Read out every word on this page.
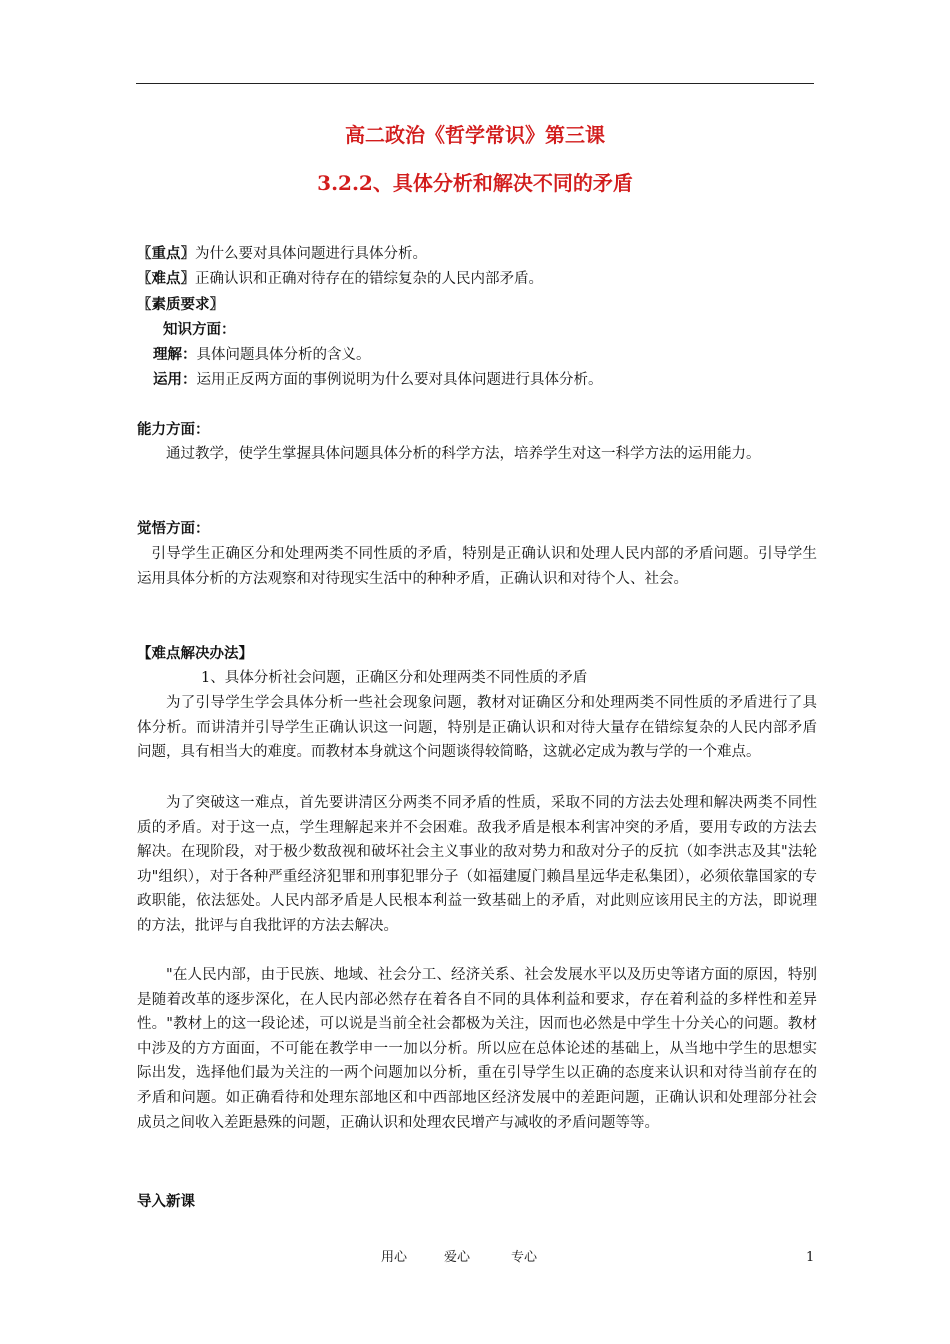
高二政治《哲学常识》第三课
3.2.2、具体分析和解决不同的矛盾
〖重点〗为什么要对具体问题进行具体分析。
〖难点〗正确认识和正确对待存在的错综复杂的人民内部矛盾。
〖素质要求〗
知识方面：
理解：具体问题具体分析的含义。
运用：运用正反两方面的事例说明为什么要对具体问题进行具体分析。
能力方面：
通过教学，使学生掌握具体问题具体分析的科学方法，培养学生对这一科学方法的运用能力。
觉悟方面：
引导学生正确区分和处理两类不同性质的矛盾，特别是正确认识和处理人民内部的矛盾问题。引导学生运用具体分析的方法观察和对待现实生活中的种种矛盾，正确认识和对待个人、社会。
【难点解决办法】
1、具体分析社会问题，正确区分和处理两类不同性质的矛盾
为了引导学生学会具体分析一些社会现象问题，教材对证确区分和处理两类不同性质的矛盾进行了具体分析。而讲清并引导学生正确认识这一问题，特别是正确认识和对待大量存在错综复杂的人民内部矛盾问题，具有相当大的难度。而教材本身就这个问题谈得较简略，这就必定成为教与学的一个难点。
为了突破这一难点，首先要讲清区分两类不同矛盾的性质，采取不同的方法去处理和解决两类不同性质的矛盾。对于这一点，学生理解起来并不会困难。敌我矛盾是根本利害冲突的矛盾，要用专政的方法去解决。在现阶段，对于极少数敌视和破坏社会主义事业的敌对势力和敌对分子的反抗（如李洪志及其"法轮功"组织），对于各种严重经济犯罪和刑事犯罪分子（如福建厦门赖昌星远华走私集团），必须依靠国家的专政职能，依法惩处。人民内部矛盾是人民根本利益一致基础上的矛盾，对此则应该用民主的方法，即说理的方法，批评与自我批评的方法去解决。
"在人民内部，由于民族、地域、社会分工、经济关系、社会发展水平以及历史等诸方面的原因，特别是随着改革的逐步深化，在人民内部必然存在着各自不同的具体利益和要求，存在着利益的多样性和差异性。"教材上的这一段论述，可以说是当前全社会都极为关注，因而也必然是中学生十分关心的问题。教材中涉及的方方面面，不可能在教学申一一加以分析。所以应在总体论述的基础上，从当地中学生的思想实际出发，选择他们最为关注的一两个问题加以分析，重在引导学生以正确的态度来认识和对待当前存在的矛盾和问题。如正确看待和处理东部地区和中西部地区经济发展中的差距问题，正确认识和处理部分社会成员之间收入差距悬殊的问题，正确认识和处理农民增产与减收的矛盾问题等等。
导入新课
用心	爱心	专心	1
